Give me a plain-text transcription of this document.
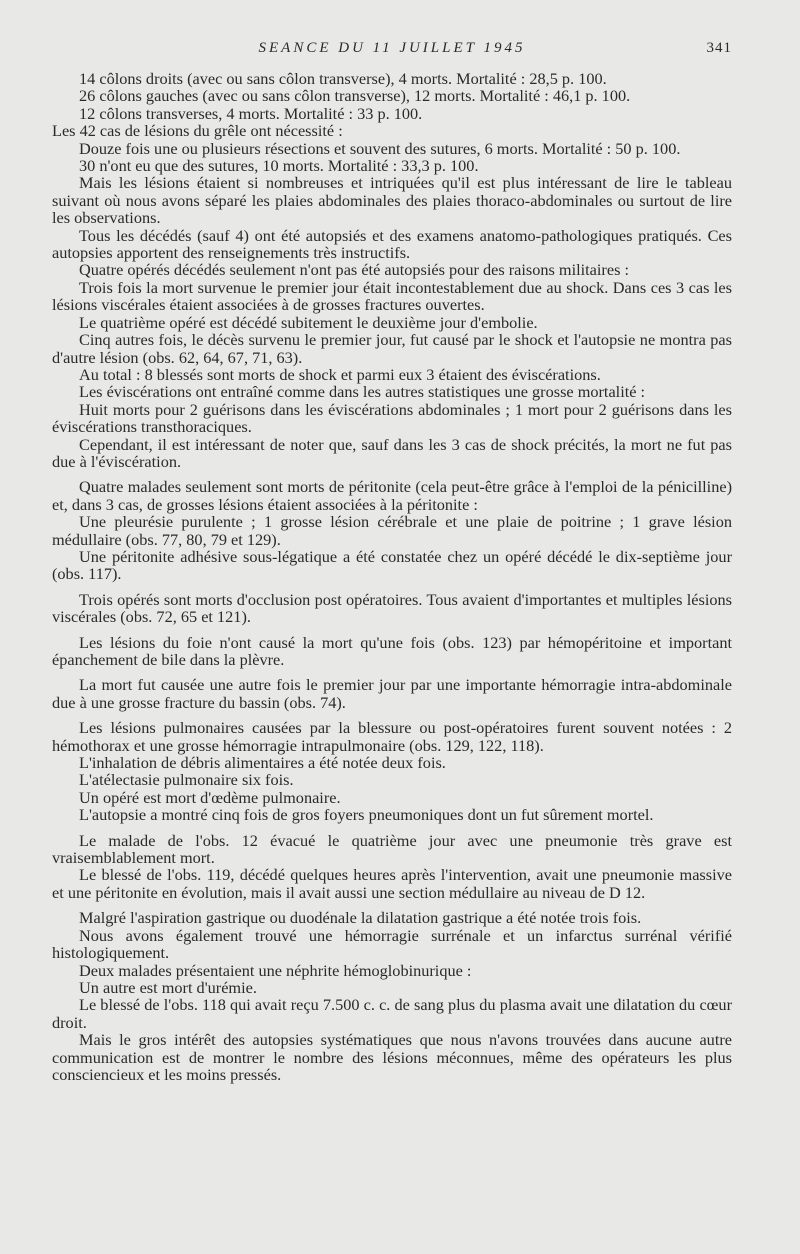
SEANCE DU 11 JUILLET 1945	341

14 côlons droits (avec ou sans côlon transverse), 4 morts. Mortalité : 28,5 p. 100.

26 côlons gauches (avec ou sans côlon transverse), 12 morts. Mortalité : 46,1 p. 100.

12 côlons transverses, 4 morts. Mortalité : 33 p. 100.

Les 42 cas de lésions du grêle ont nécessité :

Douze fois une ou plusieurs résections et souvent des sutures, 6 morts. Mortalité : 50 p. 100.

30 n'ont eu que des sutures, 10 morts. Mortalité : 33,3 p. 100.

Mais les lésions étaient si nombreuses et intriquées qu'il est plus intéressant de lire le tableau suivant où nous avons séparé les plaies abdominales des plaies thoraco-abdominales ou surtout de lire les observations.

Tous les décédés (sauf 4) ont été autopsiés et des examens anatomo-pathologiques pratiqués. Ces autopsies apportent des renseignements très instructifs.

Quatre opérés décédés seulement n'ont pas été autopsiés pour des raisons militaires :

Trois fois la mort survenue le premier jour était incontestablement due au shock. Dans ces 3 cas les lésions viscérales étaient associées à de grosses fractures ouvertes.

Le quatrième opéré est décédé subitement le deuxième jour d'embolie.

Cinq autres fois, le décès survenu le premier jour, fut causé par le shock et l'autopsie ne montra pas d'autre lésion (obs. 62, 64, 67, 71, 63).

Au total : 8 blessés sont morts de shock et parmi eux 3 étaient des éviscérations.

Les éviscérations ont entraîné comme dans les autres statistiques une grosse mortalité :

Huit morts pour 2 guérisons dans les éviscérations abdominales ; 1 mort pour 2 guérisons dans les éviscérations transthoraciques.

Cependant, il est intéressant de noter que, sauf dans les 3 cas de shock précités, la mort ne fut pas due à l'éviscération.

Quatre malades seulement sont morts de péritonite (cela peut-être grâce à l'emploi de la pénicilline) et, dans 3 cas, de grosses lésions étaient associées à la péritonite :

Une pleurésie purulente ; 1 grosse lésion cérébrale et une plaie de poitrine ; 1 grave lésion médullaire (obs. 77, 80, 79 et 129).

Une péritonite adhésive sous-légatique a été constatée chez un opéré décédé le dix-septième jour (obs. 117).

Trois opérés sont morts d'occlusion post opératoires. Tous avaient d'importantes et multiples lésions viscérales (obs. 72, 65 et 121).

Les lésions du foie n'ont causé la mort qu'une fois (obs. 123) par hémopéritoine et important épanchement de bile dans la plèvre.

La mort fut causée une autre fois le premier jour par une importante hémorragie intra-abdominale due à une grosse fracture du bassin (obs. 74).

Les lésions pulmonaires causées par la blessure ou post-opératoires furent souvent notées : 2 hémothorax et une grosse hémorragie intrapulmonaire (obs. 129, 122, 118).

L'inhalation de débris alimentaires a été notée deux fois.

L'atélectasie pulmonaire six fois.

Un opéré est mort d'œdème pulmonaire.

L'autopsie a montré cinq fois de gros foyers pneumoniques dont un fut sûrement mortel.

Le malade de l'obs. 12 évacué le quatrième jour avec une pneumonie très grave est vraisemblablement mort.

Le blessé de l'obs. 119, décédé quelques heures après l'intervention, avait une pneumonie massive et une péritonite en évolution, mais il avait aussi une section médullaire au niveau de D 12.

Malgré l'aspiration gastrique ou duodénale la dilatation gastrique a été notée trois fois.

Nous avons également trouvé une hémorragie surrénale et un infarctus surrénal vérifié histologiquement.

Deux malades présentaient une néphrite hémoglobinurique :

Un autre est mort d'urémie.

Le blessé de l'obs. 118 qui avait reçu 7.500 c. c. de sang plus du plasma avait une dilatation du cœur droit.

Mais le gros intérêt des autopsies systématiques que nous n'avons trouvées dans aucune autre communication est de montrer le nombre des lésions méconnues, même des opérateurs les plus consciencieux et les moins pressés.
